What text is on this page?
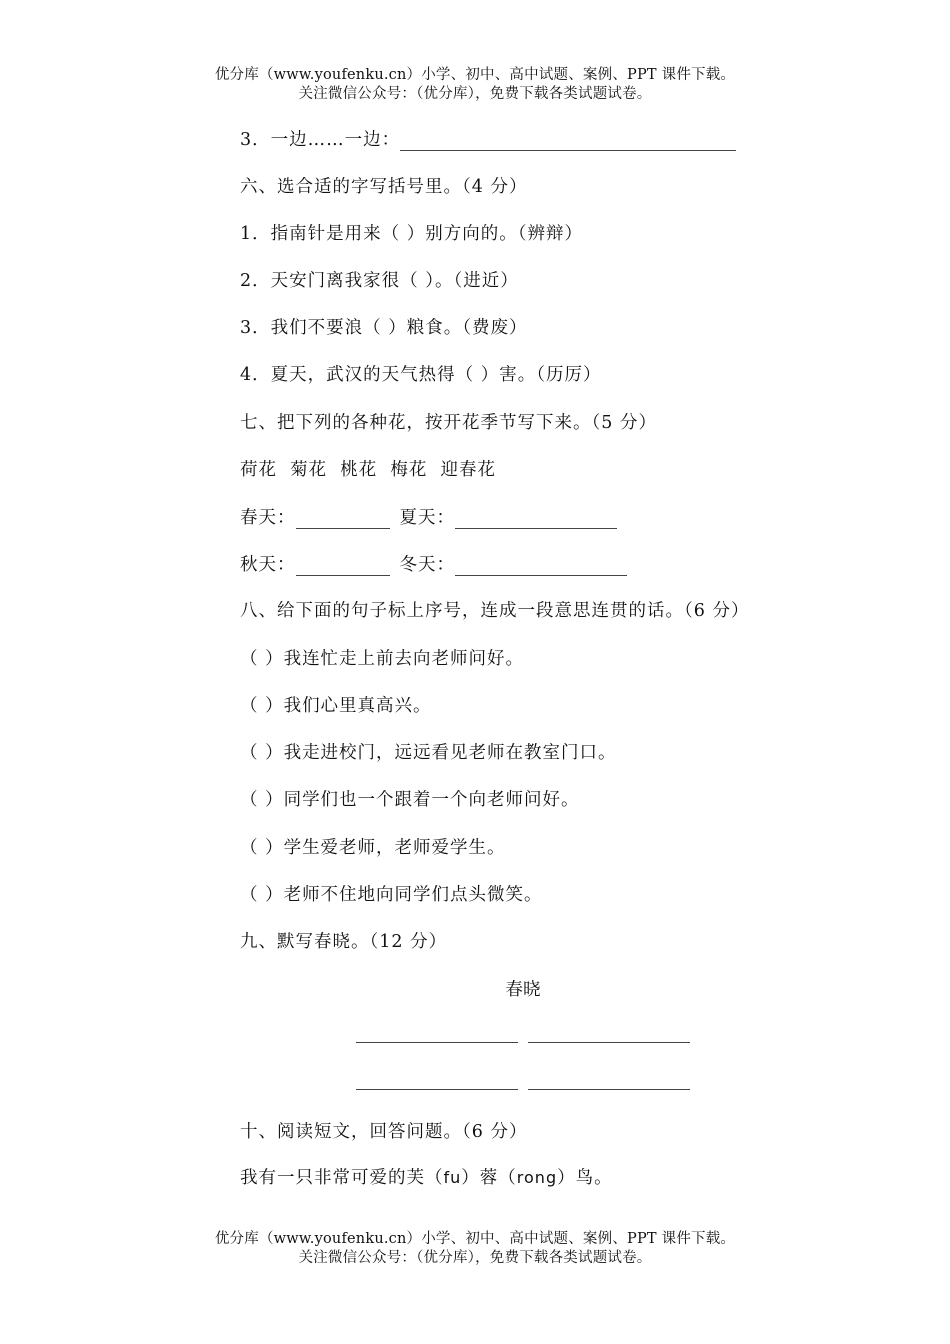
优分库（www.youfenku.cn）小学、初中、高中试题、案例、PPT 课件下载。
关注微信公众号：（优分库），免费下载各类试题试卷。
3．一边……一边：
六、选合适的字写括号里。（4 分）
1．指南针是用来（ ）别方向的。（辨辩）
2．天安门离我家很（ ）。（进近）
3．我们不要浪（ ）粮食。（费废）
4．夏天，武汉的天气热得（ ）害。（历厉）
七、把下列的各种花，按开花季节写下来。（5 分）
荷花  菊花  桃花  梅花  迎春花
春天：	夏天：
秋天：	冬天：
八、给下面的句子标上序号，连成一段意思连贯的话。（6 分）
（ ）我连忙走上前去向老师问好。
（ ）我们心里真高兴。
（ ）我走进校门，远远看见老师在教室门口。
（ ）同学们也一个跟着一个向老师问好。
（ ）学生爱老师，老师爱学生。
（ ）老师不住地向同学们点头微笑。
九、默写春晓。（12 分）
春晓
十、阅读短文，回答问题。（6 分）
我有一只非常可爱的芙（fu）蓉（rong）鸟。
优分库（www.youfenku.cn）小学、初中、高中试题、案例、PPT 课件下载。
关注微信公众号：（优分库），免费下载各类试题试卷。
